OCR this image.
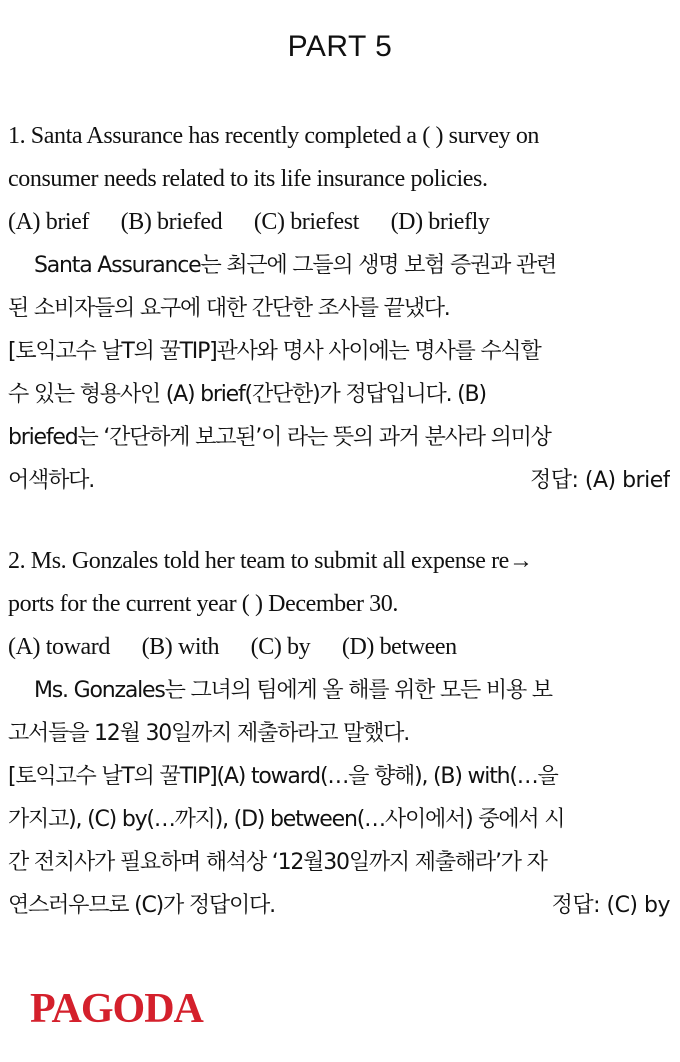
PART 5
1. Santa Assurance has recently completed a ( ) survey on
consumer needs related to its life insurance policies.
(A) brief (B) briefed (C) briefest (D) briefly
Santa Assurance는 최근에 그들의 생명 보험 증권과 관련
된 소비자들의 요구에 대한 간단한 조사를 끝냈다.
[토익고수 날T의 꿀TIP]관사와 명사 사이에는 명사를 수식할
수 있는 형용사인 (A) brief(간단한)가 정답입니다. (B)
briefed는 ‘간단하게 보고된’이 라는 뜻의 과거 분사라 의미상
어색하다.	정답: (A) brief
2. Ms. Gonzales told her team to submit all expense re→
ports for the current year ( ) December 30.
(A) toward (B) with (C) by (D) between
Ms. Gonzales는 그녀의 팀에게 올 해를 위한 모든 비용 보
고서들을 12월 30일까지 제출하라고 말했다.
[토익고수 날T의 꿀TIP](A) toward(…을 향해), (B) with(…을
가지고), (C) by(…까지), (D) between(…사이에서) 중에서 시
간 전치사가 필요하며 해석상 ‘12월30일까지 제출해라’가 자
연스러우므로 (C)가 정답이다.	정답: (C) by
PAGODA
